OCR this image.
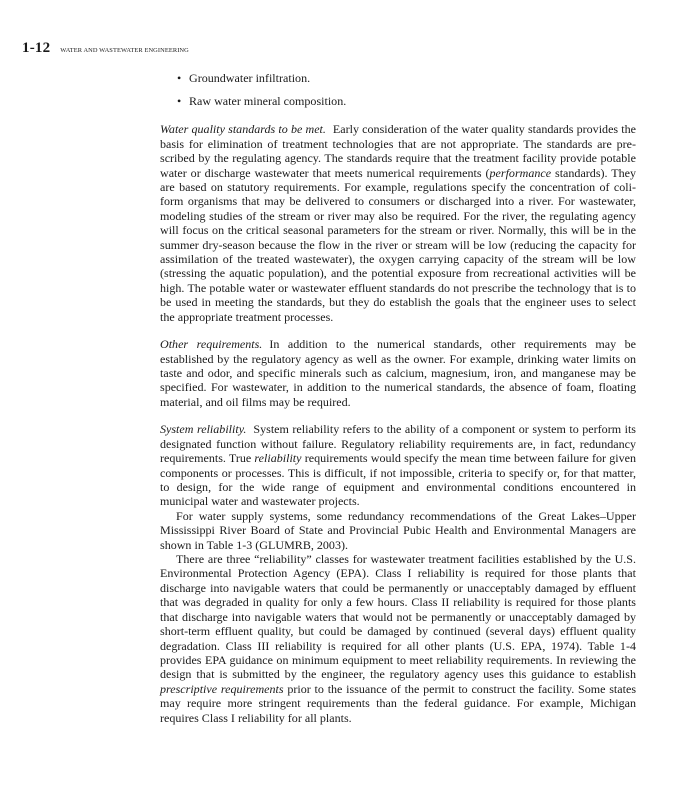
1-12 WATER AND WASTEWATER ENGINEERING
• Groundwater infiltration.
• Raw water mineral composition.

Water quality standards to be met. Early consideration of the water quality standards provides the basis for elimination of treatment technologies that are not appropriate. The standards are prescribed by the regulating agency. The standards require that the treatment facility provide potable water or discharge wastewater that meets numerical requirements (performance standards). They are based on statutory requirements. For example, regulations specify the concentration of coliform organisms that may be delivered to consumers or discharged into a river. For wastewater, modeling studies of the stream or river may also be required. For the river, the regulating agency will focus on the critical seasonal parameters for the stream or river. Normally, this will be in the summer dry-season because the flow in the river or stream will be low (reducing the capacity for assimilation of the treated wastewater), the oxygen carrying capacity of the stream will be low (stressing the aquatic population), and the potential exposure from recreational activities will be high. The potable water or wastewater effluent standards do not prescribe the technology that is to be used in meeting the standards, but they do establish the goals that the engineer uses to select the appropriate treatment processes.

Other requirements. In addition to the numerical standards, other requirements may be established by the regulatory agency as well as the owner. For example, drinking water limits on taste and odor, and specific minerals such as calcium, magnesium, iron, and manganese may be specified. For wastewater, in addition to the numerical standards, the absence of foam, floating material, and oil films may be required.

System reliability. System reliability refers to the ability of a component or system to perform its designated function without failure. Regulatory reliability requirements are, in fact, redundancy requirements. True reliability requirements would specify the mean time between failure for given components or processes. This is difficult, if not impossible, criteria to specify or, for that matter, to design, for the wide range of equipment and environmental conditions encountered in municipal water and wastewater projects.

For water supply systems, some redundancy recommendations of the Great Lakes–Upper Mississippi River Board of State and Provincial Pubic Health and Environmental Managers are shown in Table 1-3 (GLUMRB, 2003).

There are three “reliability” classes for wastewater treatment facilities established by the U.S. Environmental Protection Agency (EPA). Class I reliability is required for those plants that discharge into navigable waters that could be permanently or unacceptably damaged by effluent that was degraded in quality for only a few hours. Class II reliability is required for those plants that discharge into navigable waters that would not be permanently or unacceptably damaged by short-term effluent quality, but could be damaged by continued (several days) effluent quality degradation. Class III reliability is required for all other plants (U.S. EPA, 1974). Table 1-4 provides EPA guidance on minimum equipment to meet reliability requirements. In reviewing the design that is submitted by the engineer, the regulatory agency uses this guidance to establish prescriptive requirements prior to the issuance of the permit to construct the facility. Some states may require more stringent requirements than the federal guidance. For example, Michigan requires Class I reliability for all plants.
